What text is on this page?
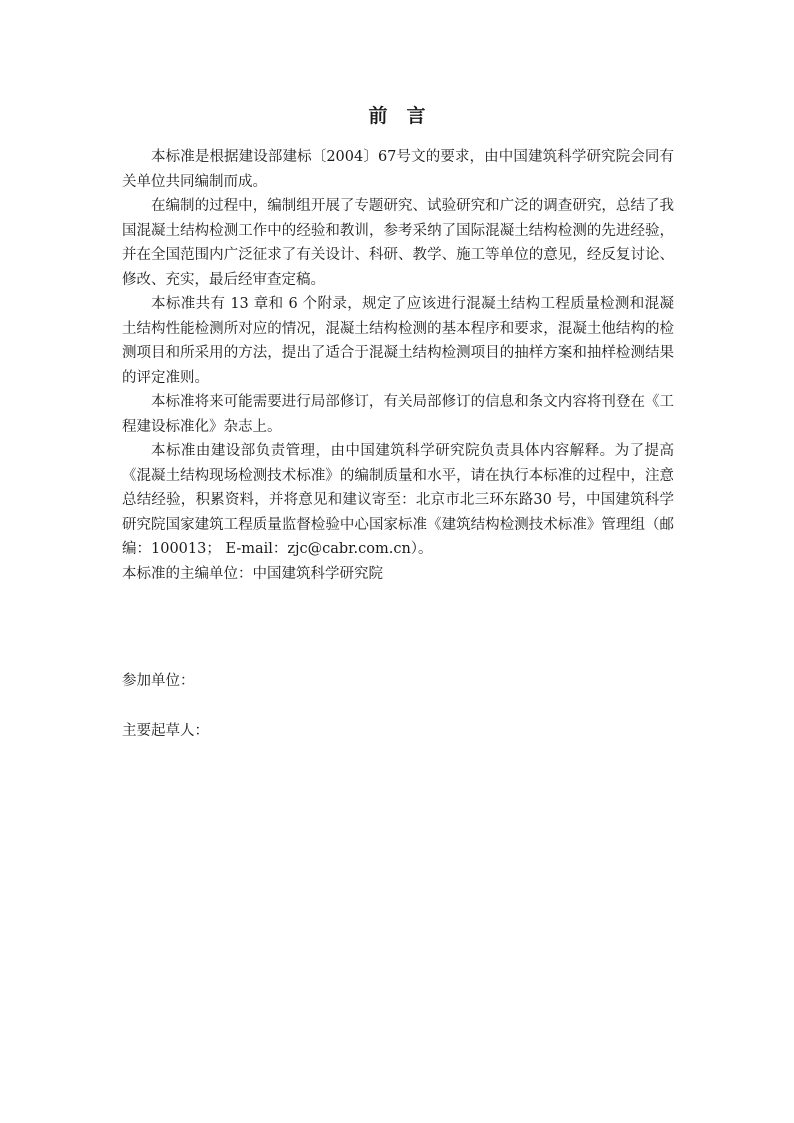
前　言

本标准是根据建设部建标〔2004〕67号文的要求，由中国建筑科学研究院会同有关单位共同编制而成。

在编制的过程中，编制组开展了专题研究、试验研究和广泛的调查研究，总结了我国混凝土结构检测工作中的经验和教训，参考采纳了国际混凝土结构检测的先进经验，并在全国范围内广泛征求了有关设计、科研、教学、施工等单位的意见，经反复讨论、修改、充实，最后经审查定稿。

本标准共有 13 章和 6 个附录，规定了应该进行混凝土结构工程质量检测和混凝土结构性能检测所对应的情况，混凝土结构检测的基本程序和要求，混凝土他结构的检测项目和所采用的方法，提出了适合于混凝土结构检测项目的抽样方案和抽样检测结果的评定准则。

本标准将来可能需要进行局部修订，有关局部修订的信息和条文内容将刊登在《工程建设标准化》杂志上。

本标准由建设部负责管理，由中国建筑科学研究院负责具体内容解释。为了提高《混凝土结构现场检测技术标准》的编制质量和水平，请在执行本标准的过程中，注意总结经验，积累资料，并将意见和建议寄至：北京市北三环东路30 号，中国建筑科学研究院国家建筑工程质量监督检验中心国家标准《建筑结构检测技术标准》管理组（邮编：100013； E-mail：zjc@cabr.com.cn）。

本标准的主编单位：中国建筑科学研究院

参加单位：
主要起草人：
